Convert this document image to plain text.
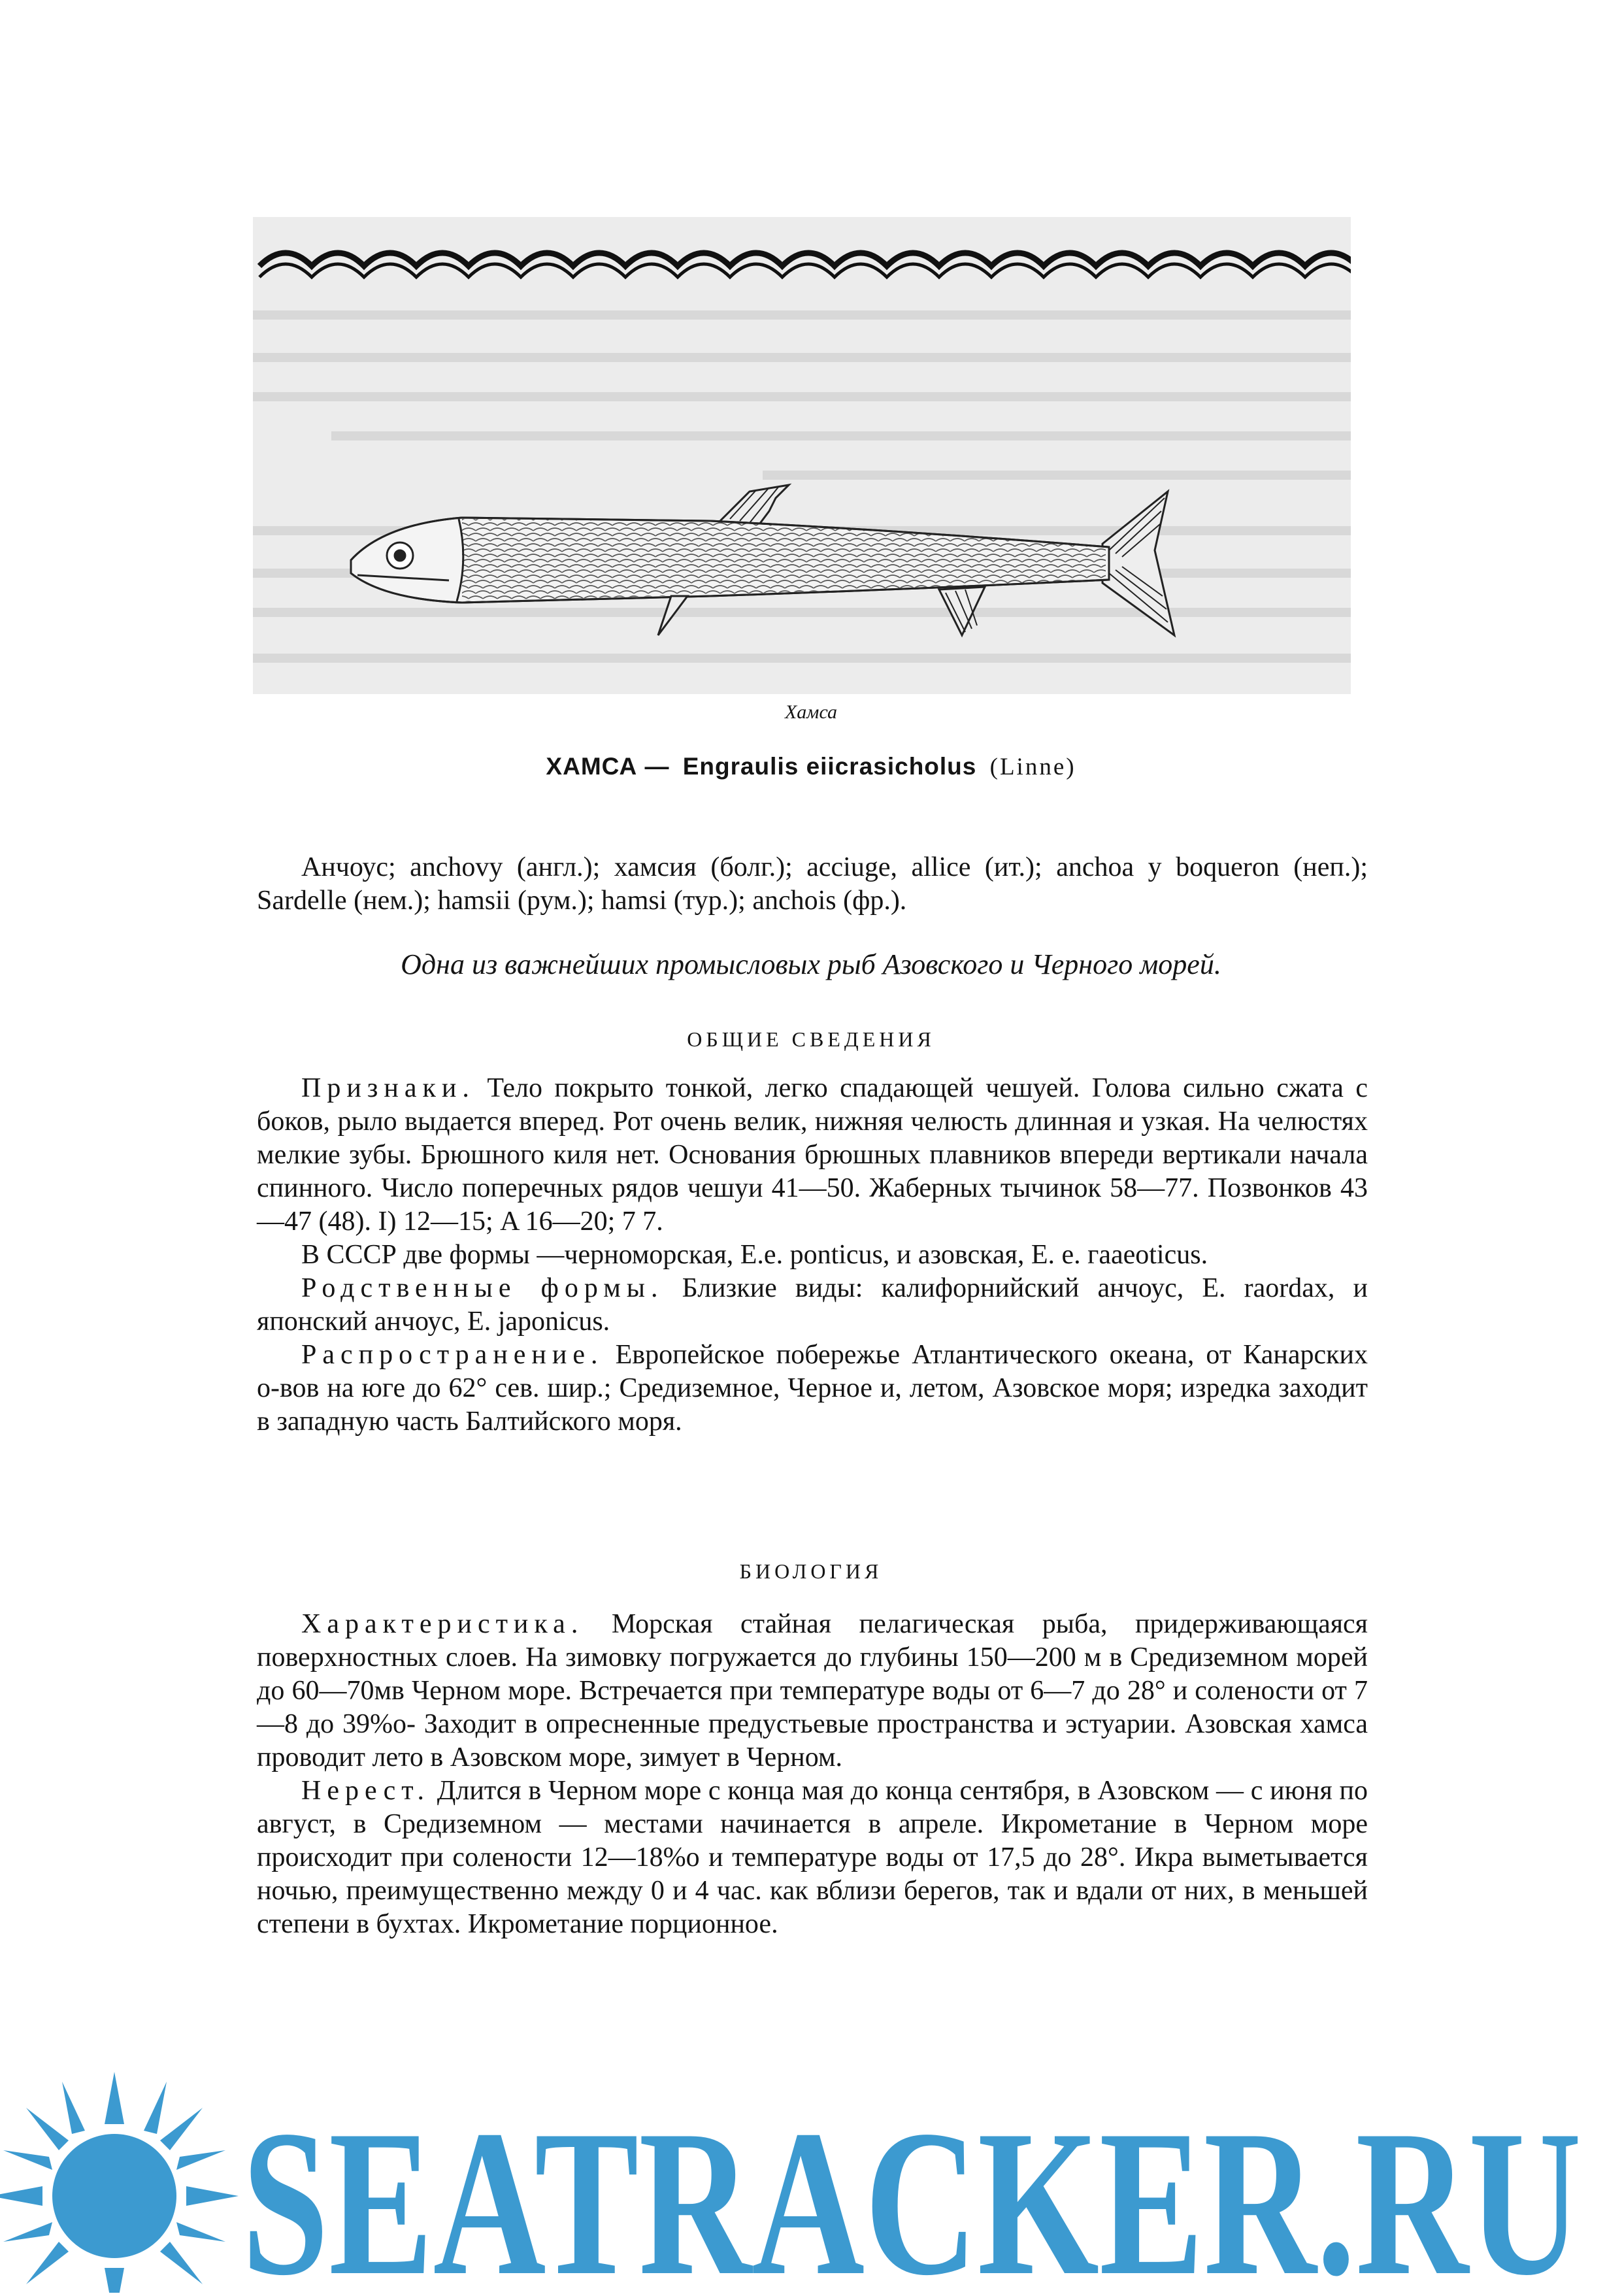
Хамса
ХАМСА — Engraulis eiicrasicholus (Linne)

Анчоус; anchovy (англ.); хамсия (болг.); acciuge, allice (ит.); anchoa y boqueron (неп.); Sardelle (нем.); hamsii (рум.); hamsi (тур.); anchois (фр.).

Одна из важнейших промысловых рыб Азовского и Черного морей.
ОБЩИЕ СВЕДЕНИЯ

Признаки. Тело покрыто тонкой, легко спадающей чешуей. Голова сильно сжата с боков, рыло выдается вперед. Рот очень велик, нижняя челюсть длинная и узкая. На челюстях мелкие зубы. Брюшного киля нет. Основания брюшных плавников впереди вертикали начала спинного. Число поперечных рядов чешуи 41—50. Жаберных тычинок 58—77. Позвонков 43—47 (48). I) 12—15; A 16—20; 7 7.

В СССР две формы —черноморская, E.e. ponticus, и азовская, E. e. гааеoticus.

Родственные формы. Близкие виды: калифорнийский анчоус, E. raordax, и японский анчоус, E. japonicus.

Распространение. Европейское побережье Атлантического океана, от Канарских о-вов на юге до 62° сев. шир.; Средиземное, Черное и, летом, Азовское моря; изредка заходит в западную часть Балтийского моря.

БИОЛОГИЯ

Характеристика. Морская стайная пелагическая рыба, придерживающаяся поверхностных слоев. На зимовку погружается до глубины 150—200 м в Средиземном морей до 60—70мв Черном море. Встречается при температуре воды от 6—7 до 28° и солености от 7—8 до 39%о- Заходит в опресненные предустьевые пространства и эстуарии. Азовская хамса проводит лето в Азовском море, зимует в Черном.

Нерест. Длится в Черном море с конца мая до конца сентября, в Азовском — с июня по август, в Средиземном — местами начинается в апреле. Икрометание в Черном море происходит при солености 12—18%о и температуре воды от 17,5 до 28°. Икра выметывается ночью, преимущественно между 0 и 4 час. как вблизи берегов, так и вдали от них, в меньшей степени в бухтах. Икрометание порционное.

SEATRACKER.RU
